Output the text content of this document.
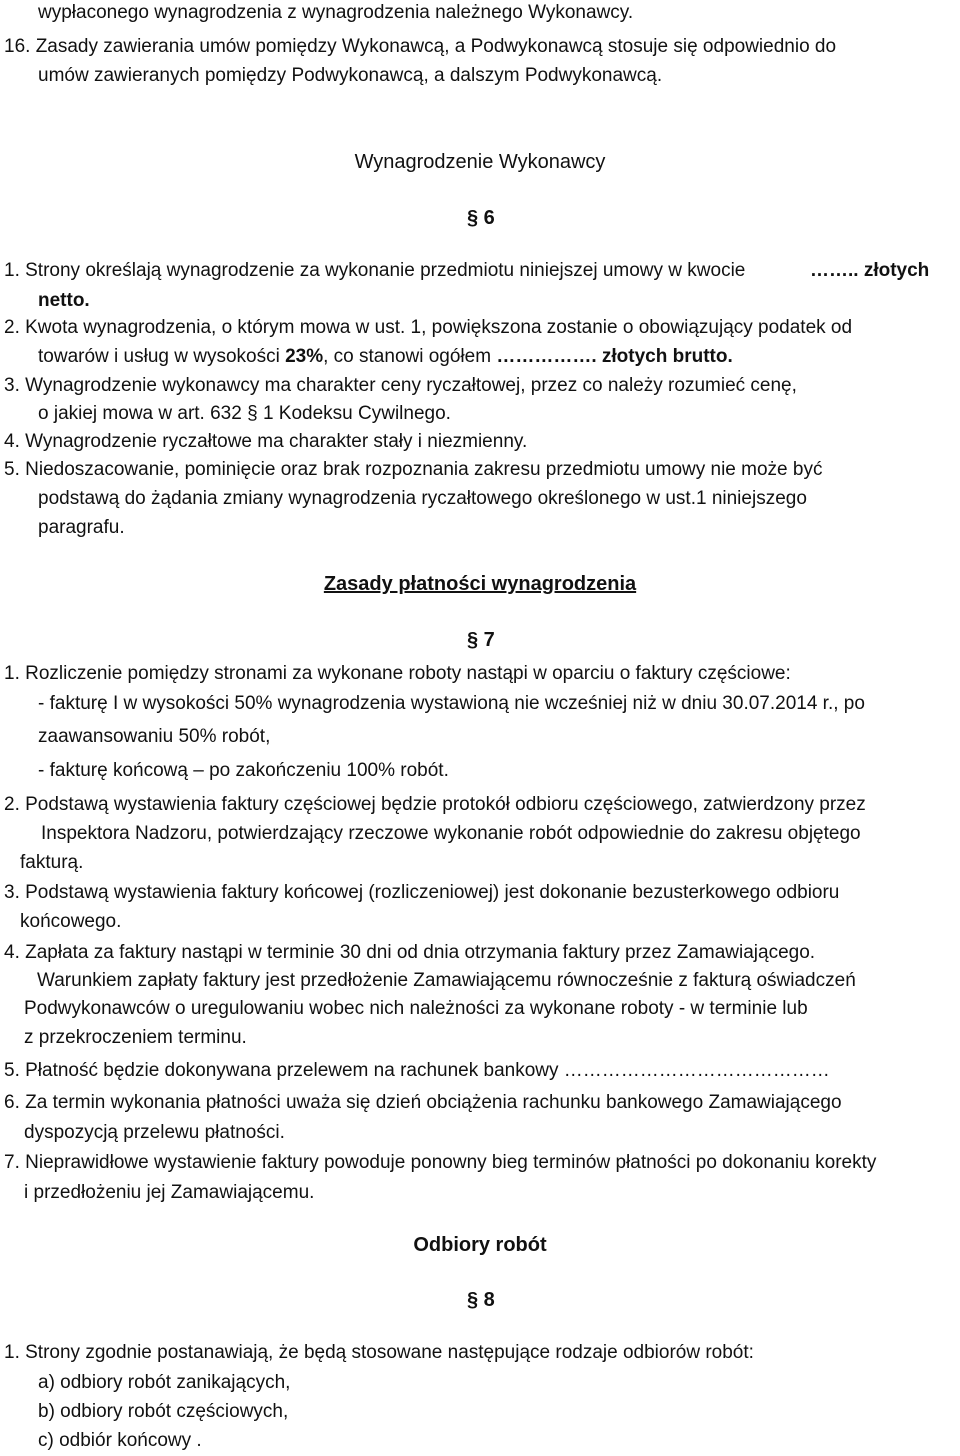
wypłaconego wynagrodzenia z wynagrodzenia należnego Wykonawcy.
16. Zasady zawierania umów pomiędzy Wykonawcą, a Podwykonawcą stosuje się odpowiednio do
umów zawieranych pomiędzy Podwykonawcą, a dalszym Podwykonawcą.
Wynagrodzenie Wykonawcy
§ 6
1. Strony określają wynagrodzenie za wykonanie przedmiotu niniejszej umowy w kwocie	…….. złotych
netto.
2. Kwota wynagrodzenia, o którym mowa w ust. 1, powiększona zostanie o obowiązujący podatek od
towarów i usług w wysokości 23%, co stanowi ogółem ……………. złotych brutto.
3. Wynagrodzenie wykonawcy ma charakter ceny ryczałtowej, przez co należy rozumieć cenę,
o jakiej mowa w art. 632 § 1 Kodeksu Cywilnego.
4. Wynagrodzenie ryczałtowe ma charakter stały i niezmienny.
5. Niedoszacowanie, pominięcie oraz brak rozpoznania zakresu przedmiotu umowy nie może być
podstawą do żądania zmiany wynagrodzenia ryczałtowego określonego w ust.1 niniejszego
paragrafu.
Zasady płatności wynagrodzenia
§ 7
1. Rozliczenie pomiędzy stronami za wykonane roboty nastąpi w oparciu o faktury częściowe:
- fakturę I w wysokości 50% wynagrodzenia wystawioną nie wcześniej niż w dniu 30.07.2014 r., po
zaawansowaniu 50% robót,
- fakturę końcową – po zakończeniu 100% robót.
2. Podstawą wystawienia faktury częściowej będzie protokół odbioru częściowego, zatwierdzony przez
Inspektora Nadzoru, potwierdzający rzeczowe wykonanie robót odpowiednie do zakresu objętego
fakturą.
3. Podstawą wystawienia faktury końcowej (rozliczeniowej) jest dokonanie bezusterkowego odbioru
końcowego.
4. Zapłata za faktury nastąpi w terminie 30 dni od dnia otrzymania faktury przez Zamawiającego.
Warunkiem zapłaty faktury jest przedłożenie Zamawiającemu równocześnie z fakturą oświadczeń
Podwykonawców o uregulowaniu wobec nich należności za wykonane roboty - w terminie lub
z przekroczeniem terminu.
5. Płatność będzie dokonywana przelewem na rachunek bankowy ……………………………………
6. Za termin wykonania płatności uważa się dzień obciążenia rachunku bankowego Zamawiającego
dyspozycją przelewu płatności.
7. Nieprawidłowe wystawienie faktury powoduje ponowny bieg terminów płatności po dokonaniu korekty
i przedłożeniu jej Zamawiającemu.
Odbiory robót
§ 8
1. Strony zgodnie postanawiają, że będą stosowane następujące rodzaje odbiorów robót:
a) odbiory robót zanikających,
b) odbiory robót częściowych,
c) odbiór końcowy .
